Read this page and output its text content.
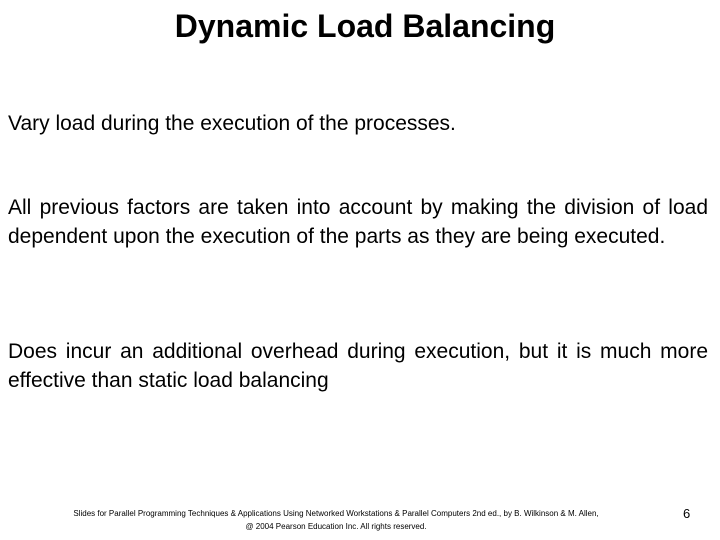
Dynamic Load Balancing

Vary load during the execution of the processes.

All previous factors are taken into account by making the division of load dependent upon the execution of the parts as they are being executed.

Does incur an additional overhead during execution, but it is much more effective than static load balancing

Slides for Parallel Programming Techniques & Applications Using Networked Workstations & Parallel Computers 2nd ed., by B. Wilkinson & M. Allen,
@ 2004 Pearson Education Inc. All rights reserved.
6
